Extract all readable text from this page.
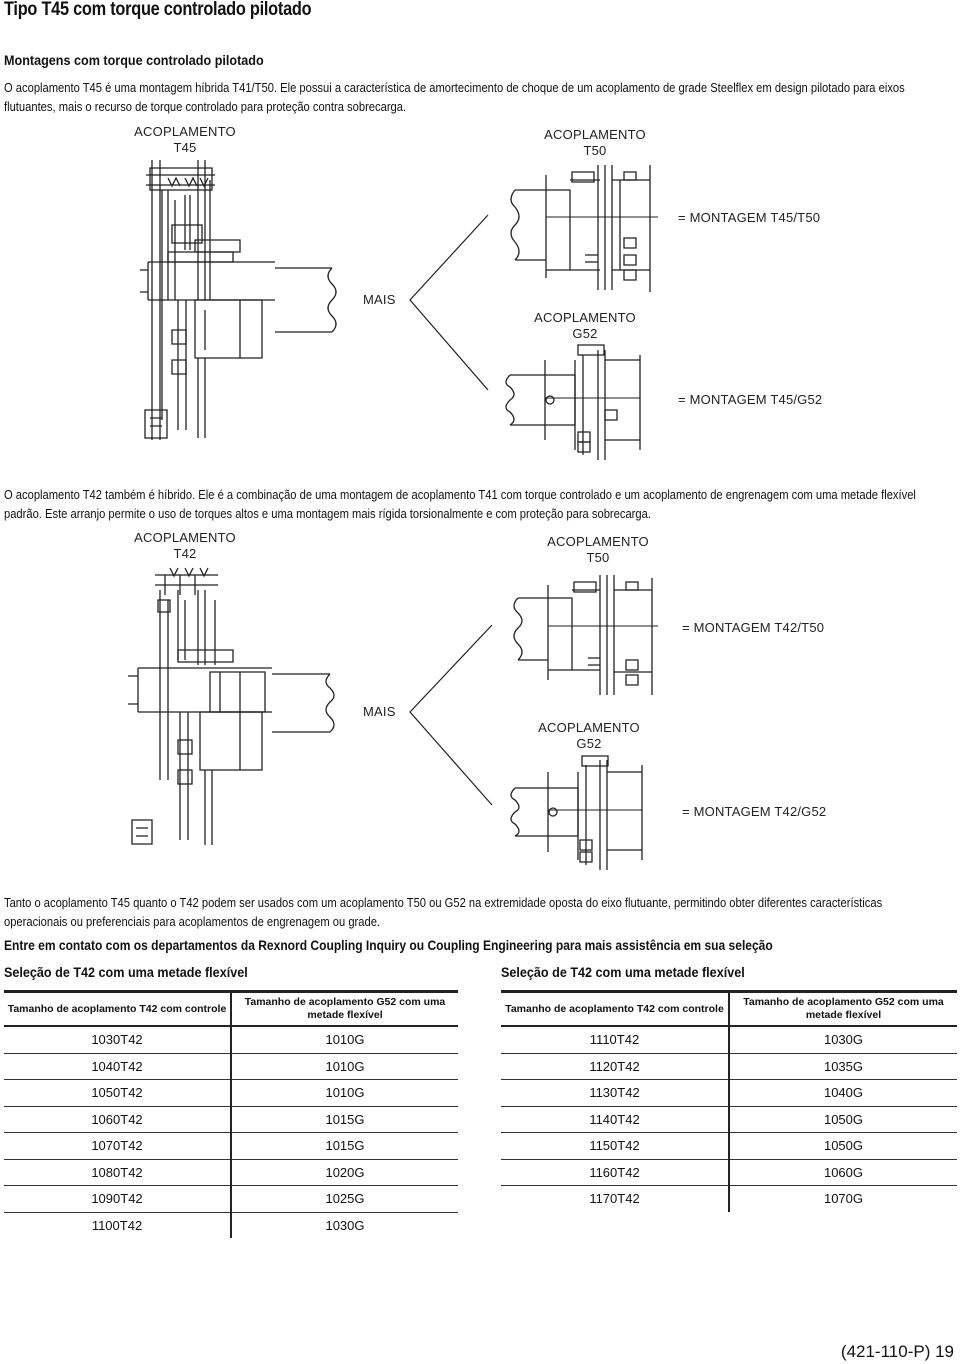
Tipo T45 com torque controlado pilotado
Montagens com torque controlado pilotado
O acoplamento T45 é uma montagem híbrida T41/T50. Ele possui a característica de amortecimento de choque de um acoplamento de grade Steelflex em design pilotado para eixos
flutuantes, mais o recurso de torque controlado para proteção contra sobrecarga.
ACOPLAMENTO
T45
ACOPLAMENTO
T50
= MONTAGEM T45/T50
MAIS
ACOPLAMENTO
G52
= MONTAGEM T45/G52
O acoplamento T42 também é híbrido. Ele é a combinação de uma montagem de acoplamento T41 com torque controlado e um acoplamento de engrenagem com uma metade flexível
padrão. Este arranjo permite o uso de torques altos e uma montagem mais rígida torsionalmente e com proteção para sobrecarga.
ACOPLAMENTO
T42
ACOPLAMENTO
T50
= MONTAGEM T42/T50
MAIS
ACOPLAMENTO
G52
= MONTAGEM T42/G52
Tanto o acoplamento T45 quanto o T42 podem ser usados com um acoplamento T50 ou G52 na extremidade oposta do eixo flutuante, permitindo obter diferentes características
operacionais ou preferenciais para acoplamentos de engrenagem ou grade.
Entre em contato com os departamentos da Rexnord Coupling Inquiry ou Coupling Engineering para mais assistência em sua seleção
Seleção de T42 com uma metade flexível
Tamanho de acoplamento T42 com controle	Tamanho de acoplamento G52 com uma metade flexível
1030T42	1010G
1040T42	1010G
1050T42	1010G
1060T42	1015G
1070T42	1015G
1080T42	1020G
1090T42	1025G
1100T42	1030G
Seleção de T42 com uma metade flexível
Tamanho de acoplamento T42 com controle	Tamanho de acoplamento G52 com uma metade flexível
1110T42	1030G
1120T42	1035G
1130T42	1040G
1140T42	1050G
1150T42	1050G
1160T42	1060G
1170T42	1070G
(421-110-P) 19
